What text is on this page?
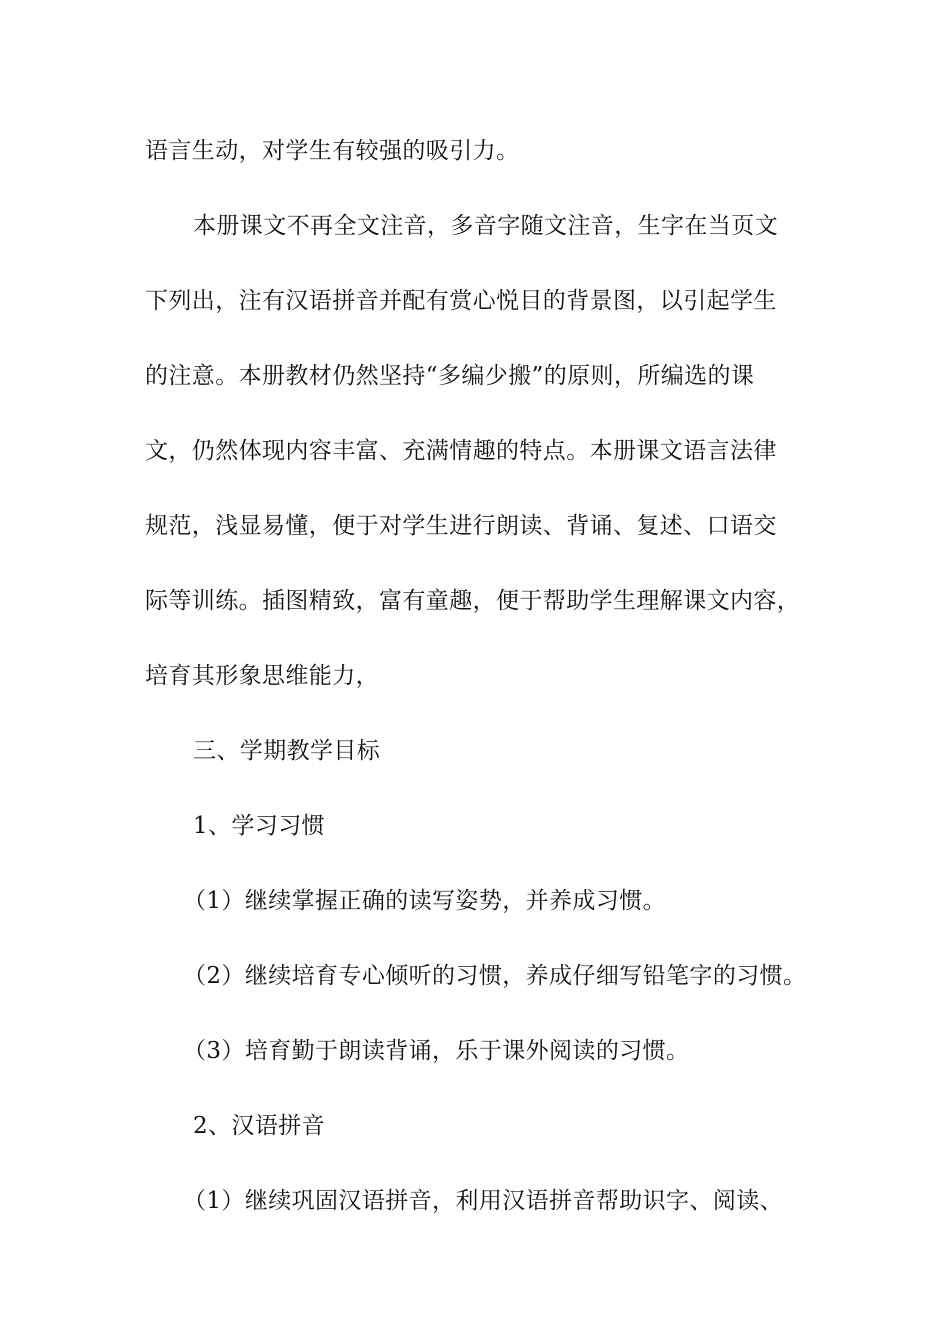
语言生动，对学生有较强的吸引力。
本册课文不再全文注音，多音字随文注音，生字在当页文
下列出，注有汉语拼音并配有赏心悦目的背景图，以引起学生
的注意。本册教材仍然坚持“多编少搬”的原则，所编选的课
文，仍然体现内容丰富、充满情趣的特点。本册课文语言法律
规范，浅显易懂，便于对学生进行朗读、背诵、复述、口语交
际等训练。插图精致，富有童趣，便于帮助学生理解课文内容，
培育其形象思维能力，
三、学期教学目标
1、学习习惯
（1）继续掌握正确的读写姿势，并养成习惯。
（2）继续培育专心倾听的习惯，养成仔细写铅笔字的习惯。
（3）培育勤于朗读背诵，乐于课外阅读的习惯。
2、汉语拼音
（1）继续巩固汉语拼音，利用汉语拼音帮助识字、阅读、
